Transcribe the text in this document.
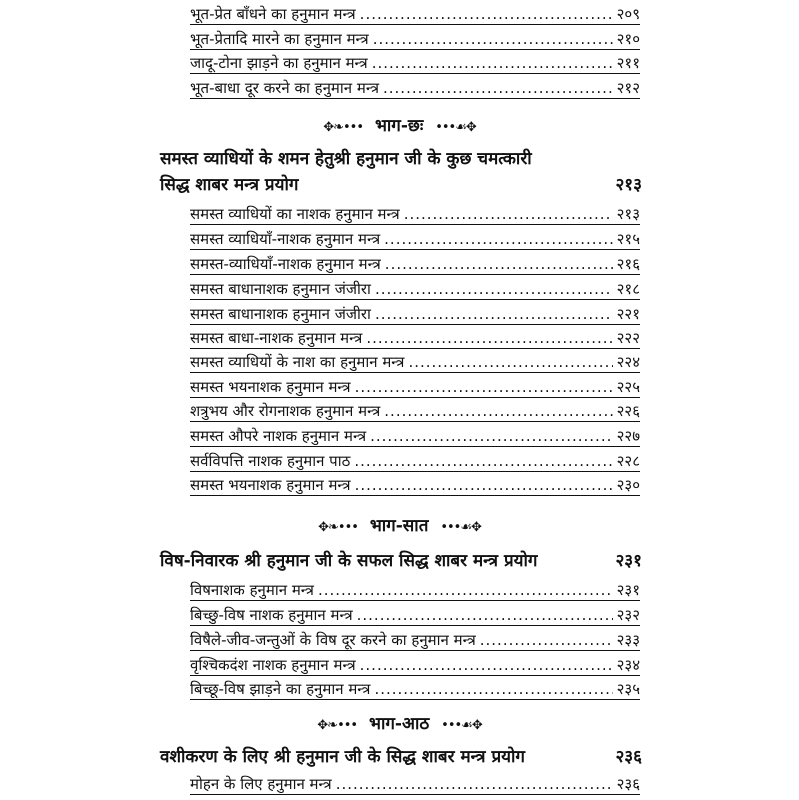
भूत-प्रेत बाँधने का हनुमान मन्त्र .....	२०९
भूत-प्रेतादि मारने का हनुमान मन्त्र .....	२१०
जादू-टोना झाड़ने का हनुमान मन्त्र .....	२११
भूत-बाधा दूर करने का हनुमान मन्त्र .....	२१२
✥❧••• भाग-छः •••☙✥
समस्त व्याधियों के शमन हेतुश्री हनुमान जी के कुछ चमत्कारी
सिद्ध शाबर मन्त्र प्रयोग	२१३
समस्त व्याधियों का नाशक हनुमान मन्त्र .....	२१३
समस्त व्याधियाँ-नाशक हनुमान मन्त्र .....	२१५
समस्त-व्याधियाँ-नाशक हनुमान मन्त्र .....	२१६
समस्त बाधानाशक हनुमान जंजीरा .....	२१८
समस्त बाधानाशक हनुमान जंजीरा .....	२२१
समस्त बाधा-नाशक हनुमान मन्त्र .....	२२२
समस्त व्याधियों के नाश का हनुमान मन्त्र .....	२२४
समस्त भयनाशक हनुमान मन्त्र .....	२२५
शत्रुभय और रोगनाशक हनुमान मन्त्र .....	२२६
समस्त औपरे नाशक हनुमान मन्त्र .....	२२७
सर्वविपत्ति नाशक हनुमान पाठ .....	२२८
समस्त भयनाशक हनुमान मन्त्र .....	२३०
✥❧••• भाग-सात •••☙✥
विष-निवारक श्री हनुमान जी के सफल सिद्ध शाबर मन्त्र प्रयोग	२३१
विषनाशक हनुमान मन्त्र .....	२३१
बिच्छु-विष नाशक हनुमान मन्त्र .....	२३२
विषैले-जीव-जन्तुओं के विष दूर करने का हनुमान मन्त्र .....	२३३
वृश्चिकदंश नाशक हनुमान मन्त्र .....	२३४
बिच्छू-विष झाड़ने का हनुमान मन्त्र .....	२३५
✥❧••• भाग-आठ •••☙✥
वशीकरण के लिए श्री हनुमान जी के सिद्ध शाबर मन्त्र प्रयोग	२३६
मोहन के लिए हनुमान मन्त्र .....	२३६
